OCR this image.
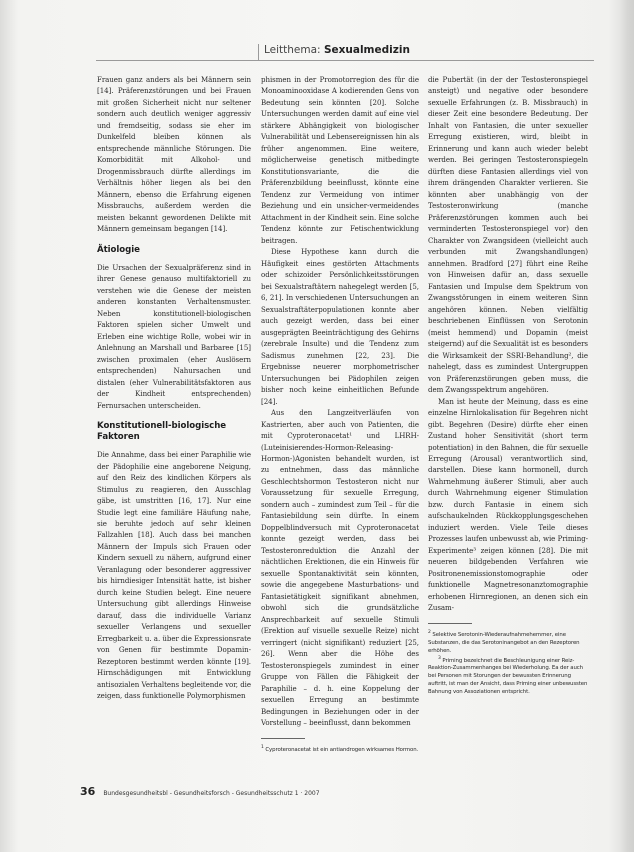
Leitthema: Sexualmedizin

Frauen ganz anders als bei Männern sein [14]. Präferenzstörungen und bei Frauen mit großen Sicherheit nicht nur seltener sondern auch deutlich weniger aggressiv und fremdseitig, sodass sie eher im Dunkelfeld bleiben können als entsprechende männliche Störungen. Die Komorbidität mit Alkohol- und Drogenmissbrauch dürfte allerdings im Verhältnis höher liegen als bei den Männern, ebenso die Erfahrung eigenen Missbrauchs, außerdem werden die meisten bekannt gewordenen Delikte mit Männern gemeinsam begangen [14].

Ätiologie

Die Ursachen der Sexualpräferenz sind in ihrer Genese genauso multifaktoriell zu verstehen wie die Genese der meisten anderen konstanten Verhaltensmuster. Neben konstitutionell-biologischen Faktoren spielen sicher Umwelt und Erleben eine wichtige Rolle, wobei wir in Anlehnung an Marshall und Barbaree [15] zwischen proximalen (eher Auslösern entsprechenden) Nahursachen und distalen (eher Vulnerabilitätsfaktoren aus der Kindheit entsprechenden) Fernursachen unterscheiden.

Konstitutionell-biologische Faktoren

Die Annahme, dass bei einer Paraphilie wie der Pädophilie eine angeborene Neigung, auf den Reiz des kindlichen Körpers als Stimulus zu reagieren, den Ausschlag gäbe, ist umstritten [16, 17]. Nur eine Studie legt eine familiäre Häufung nahe, sie beruhte jedoch auf sehr kleinen Fallzahlen [18]. Auch dass bei manchen Männern der Impuls sich Frauen oder Kindern sexuell zu nähern, aufgrund einer Veranlagung oder besonderer aggressiver bis hirndiesiger Intensität hatte, ist bisher durch keine Studien belegt. Eine neuere Untersuchung gibt allerdings Hinweise darauf, dass die individuelle Varianz sexueller Verlangens und sexueller Erregbarkeit u. a. über die Expressionsrate von Genen für bestimmte Dopamin-Rezeptoren bestimmt werden könnte [19]. Hirnschädigungen mit Entwicklung antisozialen Verhaltens begleitende vor, die zeigen, dass funktionelle Polymorphismen

phismen in der Promotorregion des für die Monoaminooxidase A kodierenden Gens von Bedeutung sein könnten [20]. Solche Untersuchungen werden damit auf eine viel stärkere Abhängigkeit von biologischer Vulnerabilität und Lebensereignissen hin als früher angenommen. Eine weitere, möglicherweise genetisch mitbedingte Konstitutionsvariante, die die Präferenzbildung beeinflusst, könnte eine Tendenz zur Vermeidung von intimer Beziehung und ein unsicher-vermeidendes Attachment in der Kindheit sein. Eine solche Tendenz könnte zur Fetischentwicklung beitragen.

Diese Hypothese kann durch die Häufigkeit eines gestörten Attachments oder schizoider Persönlichkeitsstörungen bei Sexualstraftätern nahegelegt werden [5, 6, 21]. In verschiedenen Untersuchungen an Sexualstraftäterpopulationen konnte aber auch gezeigt werden, dass bei einer ausgeprägten Beeinträchtigung des Gehirns (zerebrale Insulte) und die Tendenz zum Sadismus zunehmen [22, 23]. Die Ergebnisse neuerer morphometrischer Untersuchungen bei Pädophilen zeigen bisher noch keine einheitlichen Befunde [24].

Aus den Langzeitverläufen von Kastrierten, aber auch von Patienten, die mit Cyproteronacetat¹ und LHRH-(Luteinisierendes-Hormon-Releasing-Hormon-)Agonisten behandelt wurden, ist zu entnehmen, dass das männliche Geschlechtshormon Testosteron nicht nur Voraussetzung für sexuelle Erregung, sondern auch – zumindest zum Teil – für die Fantasiebildung sein dürfte. In einem Doppelblindversuch mit Cyproteronacetat konnte gezeigt werden, dass bei Testosteronreduktion die Anzahl der nächtlichen Erektionen, die ein Hinweis für sexuelle Spontanaktivität sein könnten, sowie die angegebene Masturbations- und Fantasietätigkeit signifikant abnehmen, obwohl sich die grundsätzliche Ansprechbarkeit auf sexuelle Stimuli (Erektion auf visuelle sexuelle Reize) nicht verringert (nicht signifikant) reduziert [25, 26]. Wenn aber die Höhe des Testosteronspiegels zumindest in einer Gruppe von Fällen die Fähigkeit der Paraphilie – d. h. eine Koppelung der sexuellen Erregung an bestimmte Bedingungen in Beziehungen oder in der Vorstellung – beeinflusst, dann bekommen

$^1$ Cyproteronacetat ist ein antiandrogen wirksames Hormon.

die Pubertät (in der der Testosteronspiegel ansteigt) und negative oder besondere sexuelle Erfahrungen (z. B. Missbrauch) in dieser Zeit eine besondere Bedeutung. Der Inhalt von Fantasien, die unter sexueller Erregung existieren, wird, bleibt in Erinnerung und kann auch wieder belebt werden. Bei geringen Testosteronspiegeln dürften diese Fantasien allerdings viel von ihrem drängenden Charakter verlieren. Sie könnten aber unabhängig von der Testosteronwirkung (manche Präferenzstörungen kommen auch bei verminderten Testosteronspiegel vor) den Charakter von Zwangsideen (vielleicht auch verbunden mit Zwangshandlungen) annehmen. Bradford [27] führt eine Reihe von Hinweisen dafür an, dass sexuelle Fantasien und Impulse dem Spektrum von Zwangsstörungen in einem weiteren Sinn angehören können. Neben vielfältig beschriebenen Einflüssen von Serotonin (meist hemmend) und Dopamin (meist steigernd) auf die Sexualität ist es besonders die Wirksamkeit der SSRI-Behandlung², die nahelegt, dass es zumindest Untergruppen von Präferenzstörungen geben muss, die dem Zwangsspektrum angehören.

Man ist heute der Meinung, dass es eine einzelne Hirnlokalisation für Begehren nicht gibt. Begehren (Desire) dürfte eher einen Zustand hoher Sensitivität (short term potentiation) in den Bahnen, die für sexuelle Erregung (Arousal) verantwortlich sind, darstellen. Diese kann hormonell, durch Wahrnehmung äußerer Stimuli, aber auch durch Wahrnehmung eigener Stimulation bzw. durch Fantasie in einem sich aufschaukelnden Rückkopplungsgeschehen induziert werden. Viele Teile dieses Prozesses laufen unbewusst ab, wie Priming-Experimente³ zeigen können [28]. Die mit neueren bildgebenden Verfahren wie Positronenemissionstomographie oder funktionelle Magnetresonanztomographie erhobenen Hirnregionen, an denen sich ein Zusam-

$^2$ Selektive Serotonin-Wiederaufnahmehemmer, eine Substanzen, die das Serotoninangebot an den Rezeptoren erhöhen.

$^3$ Priming bezeichnet die Beschleunigung einer Reiz-Reaktion-Zusammenhanges bei Wiederholung. Ea der auch bei Personen mit Storungen der bewussten Erinnerung auftritt, ist man der Ansicht, dass Priming einer unbewussten Bahnung von Assoziationen entspricht.

36 Bundesgesundheitsbl - Gesundheitsforsch - Gesundheitsschutz 1 · 2007
